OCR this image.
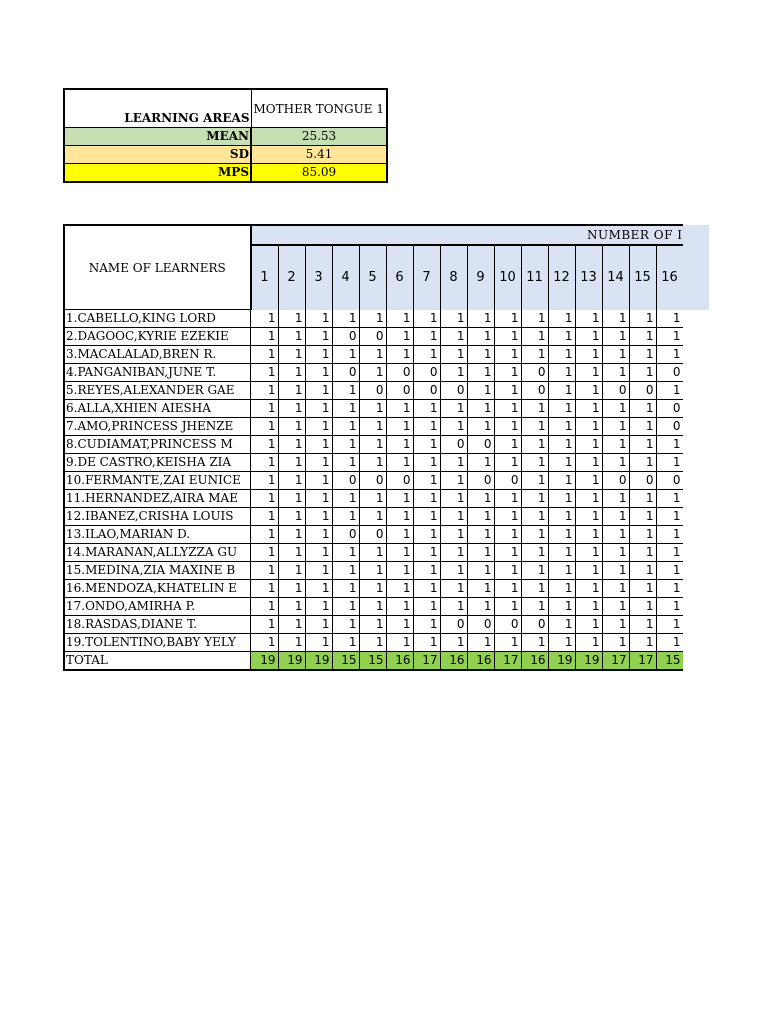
LEARNING AREAS	MOTHER TONGUE 1
MEAN	25.53
SD	5.41
MPS	85.09
NAME OF LEARNERS	NUMBER OF I																
	1	2	3	4	5	6	7	8	9	10	11	12	13	14	15	16	
1.CABELLO,KING LORD	1	1	1	1	1	1	1	1	1	1	1	1	1	1	1	1	
2.DAGOOC,KYRIE EZEKIE	1	1	1	0	0	1	1	1	1	1	1	1	1	1	1	1	
3.MACALALAD,BREN R.	1	1	1	1	1	1	1	1	1	1	1	1	1	1	1	1	
4.PANGANIBAN,JUNE T.	1	1	1	0	1	0	0	1	1	1	0	1	1	1	1	0	
5.REYES,ALEXANDER GAE	1	1	1	1	0	0	0	0	1	1	0	1	1	0	0	1	
6.ALLA,XHIEN AIESHA	1	1	1	1	1	1	1	1	1	1	1	1	1	1	1	0	
7.AMO,PRINCESS JHENZE	1	1	1	1	1	1	1	1	1	1	1	1	1	1	1	0	
8.CUDIAMAT,PRINCESS M	1	1	1	1	1	1	1	0	0	1	1	1	1	1	1	1	
9.DE CASTRO,KEISHA ZIA	1	1	1	1	1	1	1	1	1	1	1	1	1	1	1	1	
10.FERMANTE,ZAI EUNICE	1	1	1	0	0	0	1	1	0	0	1	1	1	0	0	0	
11.HERNANDEZ,AIRA MAE	1	1	1	1	1	1	1	1	1	1	1	1	1	1	1	1	
12.IBANEZ,CRISHA LOUIS	1	1	1	1	1	1	1	1	1	1	1	1	1	1	1	1	
13.ILAO,MARIAN D.	1	1	1	0	0	1	1	1	1	1	1	1	1	1	1	1	
14.MARANAN,ALLYZZA GU	1	1	1	1	1	1	1	1	1	1	1	1	1	1	1	1	
15.MEDINA,ZIA MAXINE B	1	1	1	1	1	1	1	1	1	1	1	1	1	1	1	1	
16.MENDOZA,KHATELIN E	1	1	1	1	1	1	1	1	1	1	1	1	1	1	1	1	
17.ONDO,AMIRHA P.	1	1	1	1	1	1	1	1	1	1	1	1	1	1	1	1	
18.RASDAS,DIANE T.	1	1	1	1	1	1	1	0	0	0	0	1	1	1	1	1	
19.TOLENTINO,BABY YELY	1	1	1	1	1	1	1	1	1	1	1	1	1	1	1	1	
TOTAL	19	19	19	15	15	16	17	16	16	17	16	19	19	17	17	15	
